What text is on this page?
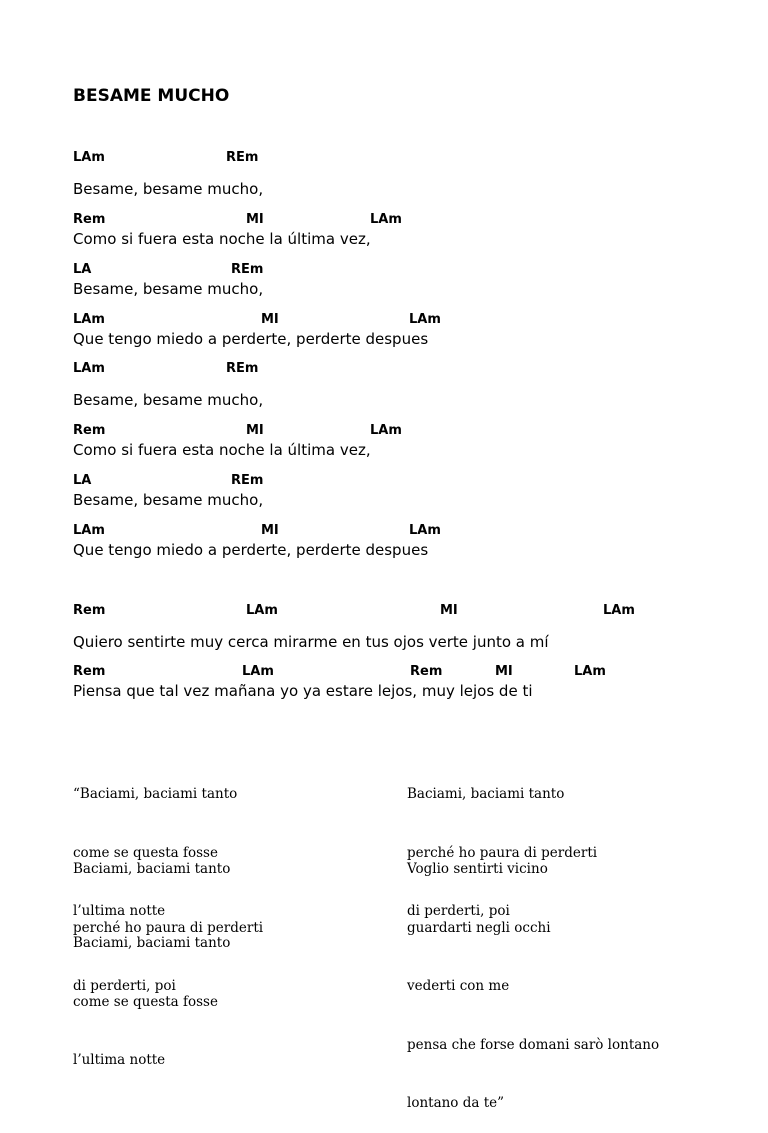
BESAME MUCHO
LAm	REm
Besame, besame mucho,
Rem	MI	LAm
Como si fuera esta noche la última vez,
LA	REm
Besame, besame mucho,
LAm	MI	LAm
Que tengo miedo a perderte, perderte despues
LAm	REm
Besame, besame mucho,
Rem	MI	LAm
Como si fuera esta noche la última vez,
LA	REm
Besame, besame mucho,
LAm	MI	LAm
Que tengo miedo a perderte, perderte despues
Rem	LAm	MI	LAm
Quiero sentirte muy cerca mirarme en tus ojos verte junto a mí
Rem	LAm	Rem	MI	LAm
Piensa que tal vez mañana yo ya estare lejos, muy lejos de ti

“Baciami, baciami tanto

come se questa fosse

l’ultima notte

Baciami, baciami tanto

perché ho paura di perderti

di perderti, poi

Baciami, baciami tanto

come se questa fosse

l’ultima notte

Baciami, baciami tanto

perché ho paura di perderti

di perderti, poi

Voglio sentirti vicino

guardarti negli occhi

vederti con me

pensa che forse domani sarò lontano

lontano da te”
